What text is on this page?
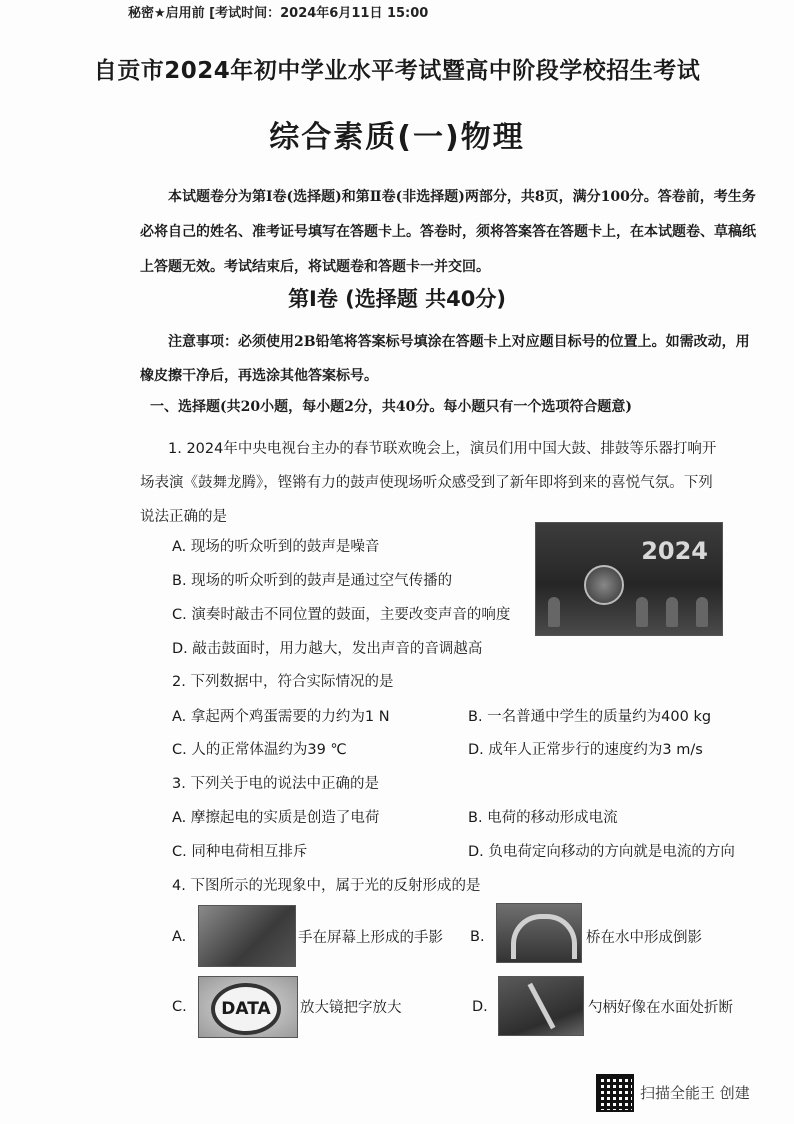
秘密★启用前 [考试时间：2024年6月11日 15:00
自贡市2024年初中学业水平考试暨高中阶段学校招生考试
综合素质(一)物理
本试题卷分为第Ⅰ卷(选择题)和第Ⅱ卷(非选择题)两部分，共8页，满分100分。答卷前，考生务必将自己的姓名、准考证号填写在答题卡上。答卷时，须将答案答在答题卡上，在本试题卷、草稿纸上答题无效。考试结束后，将试题卷和答题卡一并交回。
第Ⅰ卷 (选择题 共40分)
注意事项：必须使用2B铅笔将答案标号填涂在答题卡上对应题目标号的位置上。如需改动，用橡皮擦干净后，再选涂其他答案标号。
一、选择题(共20小题，每小题2分，共40分。每小题只有一个选项符合题意)
1. 2024年中央电视台主办的春节联欢晚会上，演员们用中国大鼓、排鼓等乐器打响开场表演《鼓舞龙腾》，铿锵有力的鼓声使现场听众感受到了新年即将到来的喜悦气氛。下列说法正确的是
A. 现场的听众听到的鼓声是噪音
B. 现场的听众听到的鼓声是通过空气传播的
C. 演奏时敲击不同位置的鼓面，主要改变声音的响度
D. 敲击鼓面时，用力越大，发出声音的音调越高
2024
2. 下列数据中，符合实际情况的是
A. 拿起两个鸡蛋需要的力约为1 N	B. 一名普通中学生的质量约为400 kg
C. 人的正常体温约为39 ℃	D. 成年人正常步行的速度约为3 m/s
3. 下列关于电的说法中正确的是
A. 摩擦起电的实质是创造了电荷	B. 电荷的移动形成电流
C. 同种电荷相互排斥	D. 负电荷定向移动的方向就是电流的方向
4. 下图所示的光现象中，属于光的反射形成的是
A.	手在屏幕上形成的手影 B.	桥在水中形成倒影
C.	DATA	放大镜把字放大	D.	勺柄好像在水面处折断
扫描全能王 创建
